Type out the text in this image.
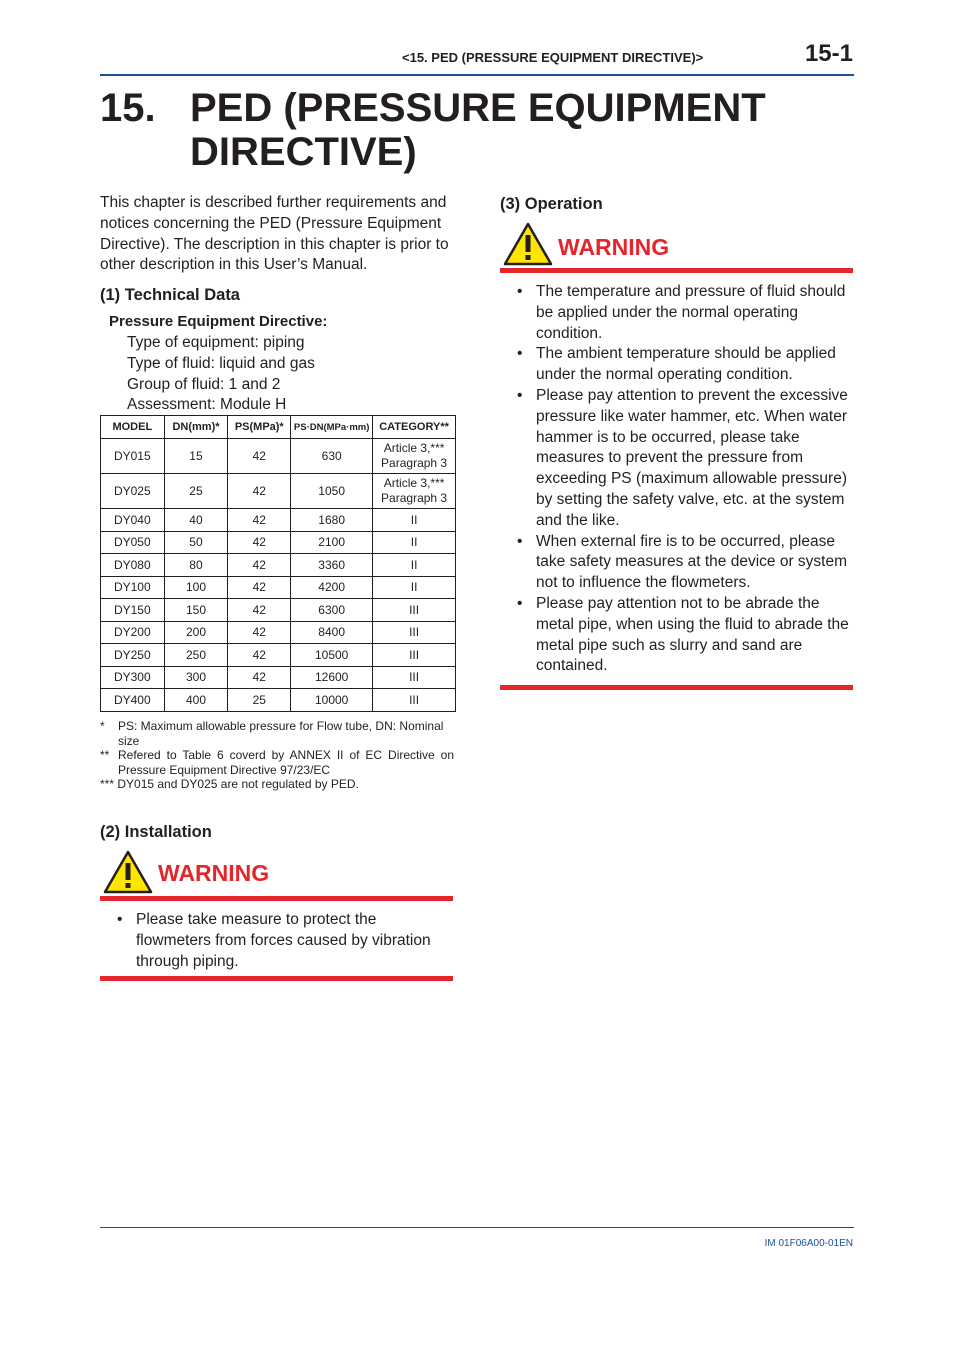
<15. PED (PRESSURE EQUIPMENT DIRECTIVE)>	15-1
15. PED (PRESSURE EQUIPMENT DIRECTIVE)
This chapter is described further requirements and notices concerning the PED (Pressure Equipment Directive). The description in this chapter is prior to other description in this User’s Manual.
(1) Technical Data
Pressure Equipment Directive:
Type of equipment: piping
Type of fluid: liquid and gas
Group of fluid: 1 and 2
Assessment: Module H
MODEL	DN(mm)*	PS(MPa)*	PS·DN(MPa·mm)	CATEGORY**
DY015	15	42	630	Article 3,***
Paragraph 3

DY025	25	42	1050	Article 3,***
Paragraph 3

DY040	40	42	1680	II
DY050	50	42	2100	II
DY080	80	42	3360	II
DY100	100	42	4200	II
DY150	150	42	6300	III
DY200	200	42	8400	III
DY250	250	42	10500	III
DY300	300	42	12600	III
DY400	400	25	10000	III
*	PS: Maximum allowable pressure for Flow tube, DN: Nominal size
** Refered to Table 6 coverd by ANNEX II of EC Directive on Pressure Equipment Directive 97/23/EC
***
DY015 and DY025 are not regulated by PED.
(2) Installation
WARNING
• Please take measure to protect the flowmeters from forces caused by vibration through piping.
(3) Operation
WARNING
• The temperature and pressure of fluid should be applied under the normal operating condition.
• The ambient temperature should be applied under the normal operating condition.
• Please pay attention to prevent the excessive pressure like water hammer, etc. When water hammer is to be occurred, please take measures to prevent the pressure from exceeding PS (maximum allowable pressure) by setting the safety valve, etc. at the system and the like.
• When external fire is to be occurred, please take safety measures at the device or system not to influence the flowmeters.
• Please pay attention not to be abrade the metal pipe, when using the fluid to abrade the metal pipe such as slurry and sand are contained.
IM 01F06A00-01EN
